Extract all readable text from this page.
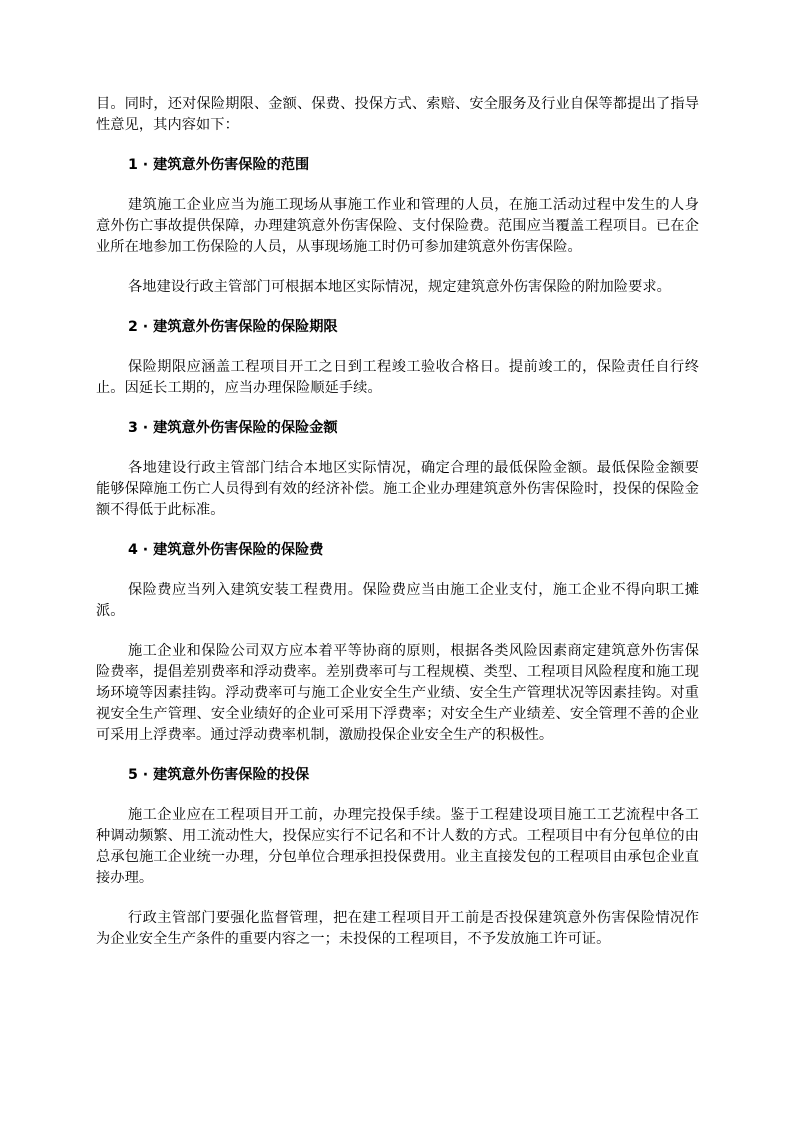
目。同时，还对保险期限、金额、保费、投保方式、索赔、安全服务及行业自保等都提出了指导性意见，其内容如下：

1 · 建筑意外伤害保险的范围

建筑施工企业应当为施工现场从事施工作业和管理的人员，在施工活动过程中发生的人身意外伤亡事故提供保障，办理建筑意外伤害保险、支付保险费。范围应当覆盖工程项目。已在企业所在地参加工伤保险的人员，从事现场施工时仍可参加建筑意外伤害保险。

各地建设行政主管部门可根据本地区实际情况，规定建筑意外伤害保险的附加险要求。

2 · 建筑意外伤害保险的保险期限

保险期限应涵盖工程项目开工之日到工程竣工验收合格日。提前竣工的，保险责任自行终止。因延长工期的，应当办理保险顺延手续。

3 · 建筑意外伤害保险的保险金额

各地建设行政主管部门结合本地区实际情况，确定合理的最低保险金额。最低保险金额要能够保障施工伤亡人员得到有效的经济补偿。施工企业办理建筑意外伤害保险时，投保的保险金额不得低于此标准。

4 · 建筑意外伤害保险的保险费

保险费应当列入建筑安装工程费用。保险费应当由施工企业支付，施工企业不得向职工摊派。

施工企业和保险公司双方应本着平等协商的原则，根据各类风险因素商定建筑意外伤害保险费率，提倡差别费率和浮动费率。差别费率可与工程规模、类型、工程项目风险程度和施工现场环境等因素挂钩。浮动费率可与施工企业安全生产业绩、安全生产管理状况等因素挂钩。对重视安全生产管理、安全业绩好的企业可采用下浮费率；对安全生产业绩差、安全管理不善的企业可采用上浮费率。通过浮动费率机制，激励投保企业安全生产的积极性。

5 · 建筑意外伤害保险的投保

施工企业应在工程项目开工前，办理完投保手续。鉴于工程建设项目施工工艺流程中各工种调动频繁、用工流动性大，投保应实行不记名和不计人数的方式。工程项目中有分包单位的由总承包施工企业统一办理，分包单位合理承担投保费用。业主直接发包的工程项目由承包企业直接办理。

行政主管部门要强化监督管理，把在建工程项目开工前是否投保建筑意外伤害保险情况作为企业安全生产条件的重要内容之一；未投保的工程项目，不予发放施工许可证。
